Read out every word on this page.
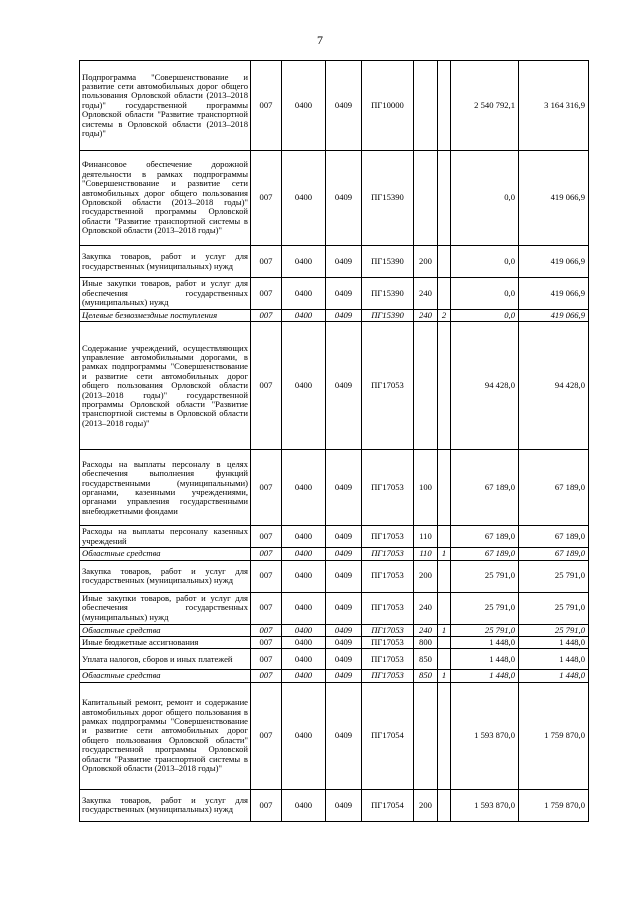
7
Подпрограмма "Совершенствование и развитие сети автомобильных дорог общего пользования Орловской области (2013–2018 годы)" государственной программы Орловской области "Развитие транспортной системы в Орловской области (2013–2018 годы)"	007	0400	0409	ПГ10000			2 540 792,1	3 164 316,9
Финансовое обеспечение дорожной деятельности в рамках подпрограммы "Совершенствование и развитие сети автомобильных дорог общего пользования Орловской области (2013–2018 годы)" государственной программы Орловской области "Развитие транспортной системы в Орловской области (2013–2018 годы)"	007	0400	0409	ПГ15390			0,0	419 066,9
Закупка товаров, работ и услуг для государственных (муниципальных) нужд	007	0400	0409	ПГ15390	200		0,0	419 066,9
Иные закупки товаров, работ и услуг для обеспечения государственных (муниципальных) нужд	007	0400	0409	ПГ15390	240		0,0	419 066,9
Целевые безвозмездные поступления	007	0400	0409	ПГ15390	240	2	0,0	419 066,9
Содержание учреждений, осуществляющих управление автомобильными дорогами, в рамках подпрограммы "Совершенствование и развитие сети автомобильных дорог общего пользования Орловской области (2013–2018 годы)" государственной программы Орловской области "Развитие транспортной системы в Орловской области (2013–2018 годы)"	007	0400	0409	ПГ17053			94 428,0	94 428,0
Расходы на выплаты персоналу в целях обеспечения выполнения функций государственными (муниципальными) органами, казенными учреждениями, органами управления государственными внебюджетными фондами	007	0400	0409	ПГ17053	100		67 189,0	67 189,0
Расходы на выплаты персоналу казенных учреждений	007	0400	0409	ПГ17053	110		67 189,0	67 189,0
Областные средства	007	0400	0409	ПГ17053	110	1	67 189,0	67 189,0
Закупка товаров, работ и услуг для государственных (муниципальных) нужд	007	0400	0409	ПГ17053	200		25 791,0	25 791,0
Иные закупки товаров, работ и услуг для обеспечения государственных (муниципальных) нужд	007	0400	0409	ПГ17053	240		25 791,0	25 791,0
Областные средства	007	0400	0409	ПГ17053	240	1	25 791,0	25 791,0
Иные бюджетные ассигнования	007	0400	0409	ПГ17053	800		1 448,0	1 448,0
Уплата налогов, сборов и иных платежей	007	0400	0409	ПГ17053	850		1 448,0	1 448,0
Областные средства	007	0400	0409	ПГ17053	850	1	1 448,0	1 448,0
Капитальный ремонт, ремонт и содержание автомобильных дорог общего пользования в рамках подпрограммы "Совершенствование и развитие сети автомобильных дорог общего пользования Орловской области" государственной программы Орловской области "Развитие транспортной системы в Орловской области (2013–2018 годы)"	007	0400	0409	ПГ17054			1 593 870,0	1 759 870,0
Закупка товаров, работ и услуг для государственных (муниципальных) нужд	007	0400	0409	ПГ17054	200		1 593 870,0	1 759 870,0
